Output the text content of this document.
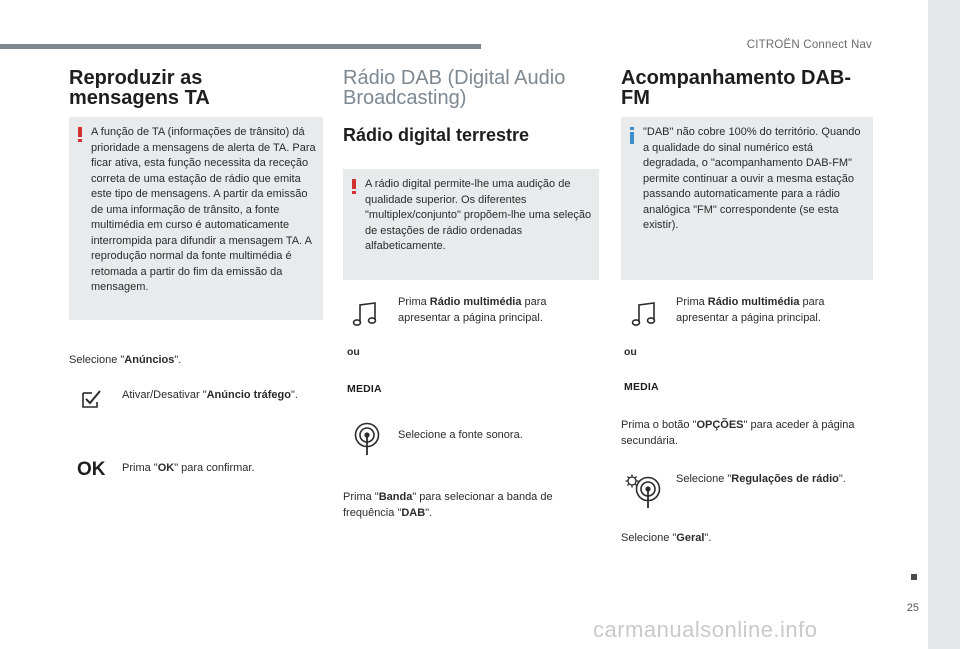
CITROËN Connect Nav
25
carmanualsonline.info
Reproduzir as
mensagens TA

A função de TA (informações de trânsito) dá prioridade a mensagens de alerta de TA. Para ficar ativa, esta função necessita da receção correta de uma estação de rádio que emita este tipo de mensagens. A partir da emissão de uma informação de trânsito, a fonte multimédia em curso é automaticamente interrompida para difundir a mensagem TA. A reprodução normal da fonte multimédia é retomada a partir do fim da emissão da mensagem.

Selecione "Anúncios".
Ativar/Desativar "Anúncio tráfego".
OK Prima "OK" para confirmar.
Rádio DAB (Digital Audio
Broadcasting)
Rádio digital terrestre

A rádio digital permite-lhe uma audição de qualidade superior. Os diferentes "multiplex/conjunto" propõem-lhe uma seleção de estações de rádio ordenadas alfabeticamente.

Prima Rádio multimédia para apresentar a página principal.
ou
MEDIA
Selecione a fonte sonora.
Prima "Banda" para selecionar a banda de frequência "DAB".
Acompanhamento DAB-FM

"DAB" não cobre 100% do território. Quando a qualidade do sinal numérico está degradada, o "acompanhamento DAB-FM" permite continuar a ouvir a mesma estação passando automaticamente para a rádio analógica "FM" correspondente (se esta existir).

Prima Rádio multimédia para apresentar a página principal.
ou
MEDIA
Prima o botão "OPÇÕES" para aceder à página secundária.
Selecione "Regulações de rádio".
Selecione "Geral".
